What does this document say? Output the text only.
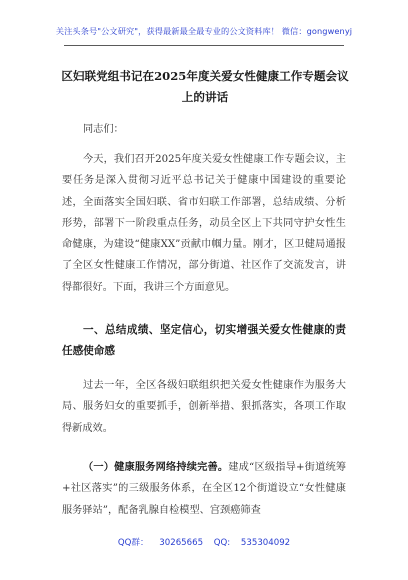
关注头条号"公文研究"，获得最新最全最专业的公文资料库！ 微信：gongwenyj
区妇联党组书记在2025年度关爱女性健康工作专题会议上的讲话
同志们：
今天，我们召开2025年度关爱女性健康工作专题会议，主要任务是深入贯彻习近平总书记关于健康中国建设的重要论述，全面落实全国妇联、省市妇联工作部署，总结成绩、分析形势，部署下一阶段重点任务，动员全区上下共同守护女性生命健康，为建设“健康XX”贡献巾帼力量。刚才，区卫健局通报了全区女性健康工作情况，部分街道、社区作了交流发言，讲得都很好。下面，我讲三个方面意见。
一、总结成绩、坚定信心，切实增强关爱女性健康的责任感使命感
过去一年，全区各级妇联组织把关爱女性健康作为服务大局、服务妇女的重要抓手，创新举措、狠抓落实，各项工作取得新成效。
（一）健康服务网络持续完善。建成“区级指导+街道统筹+社区落实”的三级服务体系，在全区12个街道设立“女性健康服务驿站”，配备乳腺自检模型、宫颈癌筛查
QQ群： 30265665 QQ: 535304092
